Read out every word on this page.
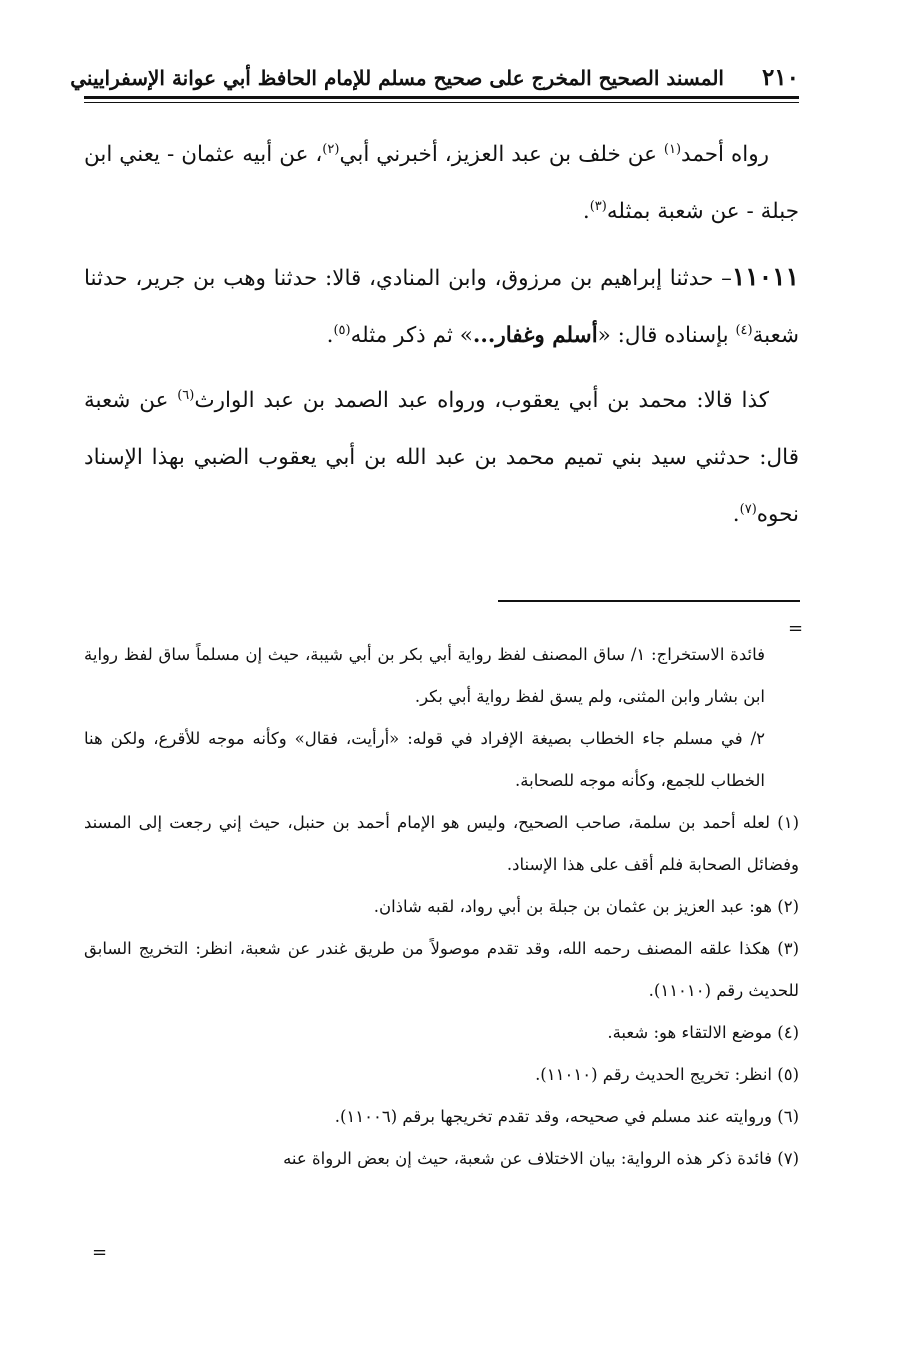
٢١٠
المسند الصحيح المخرج على صحيح مسلم للإمام الحافظ أبي عوانة الإسفراييني

رواه أحمد$^{(١)}$ عن خلف بن عبد العزيز، أخبرني أبي$^{(٢)}$، عن أبيه عثمان - يعني ابن جبلة - عن شعبة بمثله$^{(٣)}$.

١١٠١١– حدثنا إبراهيم بن مرزوق، وابن المنادي، قالا: حدثنا وهب بن جرير، حدثنا شعبة$^{(٤)}$ بإسناده قال: «أسلم وغفار...» ثم ذكر مثله$^{(٥)}$.

كذا قالا: محمد بن أبي يعقوب، ورواه عبد الصمد بن عبد الوارث$^{(٦)}$ عن شعبة قال: حدثني سيد بني تميم محمد بن عبد الله بن أبي يعقوب الضبي بهذا الإسناد نحوه$^{(٧)}$.

=

فائدة الاستخراج: ١/ ساق المصنف لفظ رواية أبي بكر بن أبي شيبة، حيث إن مسلماً ساق لفظ رواية ابن بشار وابن المثنى، ولم يسق لفظ رواية أبي بكر.

٢/ في مسلم جاء الخطاب بصيغة الإفراد في قوله: «أرأيت، فقال» وكأنه موجه للأقرع، ولكن هنا الخطاب للجمع، وكأنه موجه للصحابة.

(١) لعله أحمد بن سلمة، صاحب الصحيح، وليس هو الإمام أحمد بن حنبل، حيث إني رجعت إلى المسند وفضائل الصحابة فلم أقف على هذا الإسناد.

(٢) هو: عبد العزيز بن عثمان بن جبلة بن أبي رواد، لقبه شاذان.

(٣) هكذا علقه المصنف رحمه الله، وقد تقدم موصولاً من طريق غندر عن شعبة، انظر: التخريج السابق للحديث رقم (١١٠١٠).

(٤) موضع الالتقاء هو: شعبة.

(٥) انظر: تخريج الحديث رقم (١١٠١٠).

(٦) وروايته عند مسلم في صحيحه، وقد تقدم تخريجها برقم (١١٠٠٦).

(٧) فائدة ذكر هذه الرواية: بيان الاختلاف عن شعبة، حيث إن بعض الرواة عنه

=
